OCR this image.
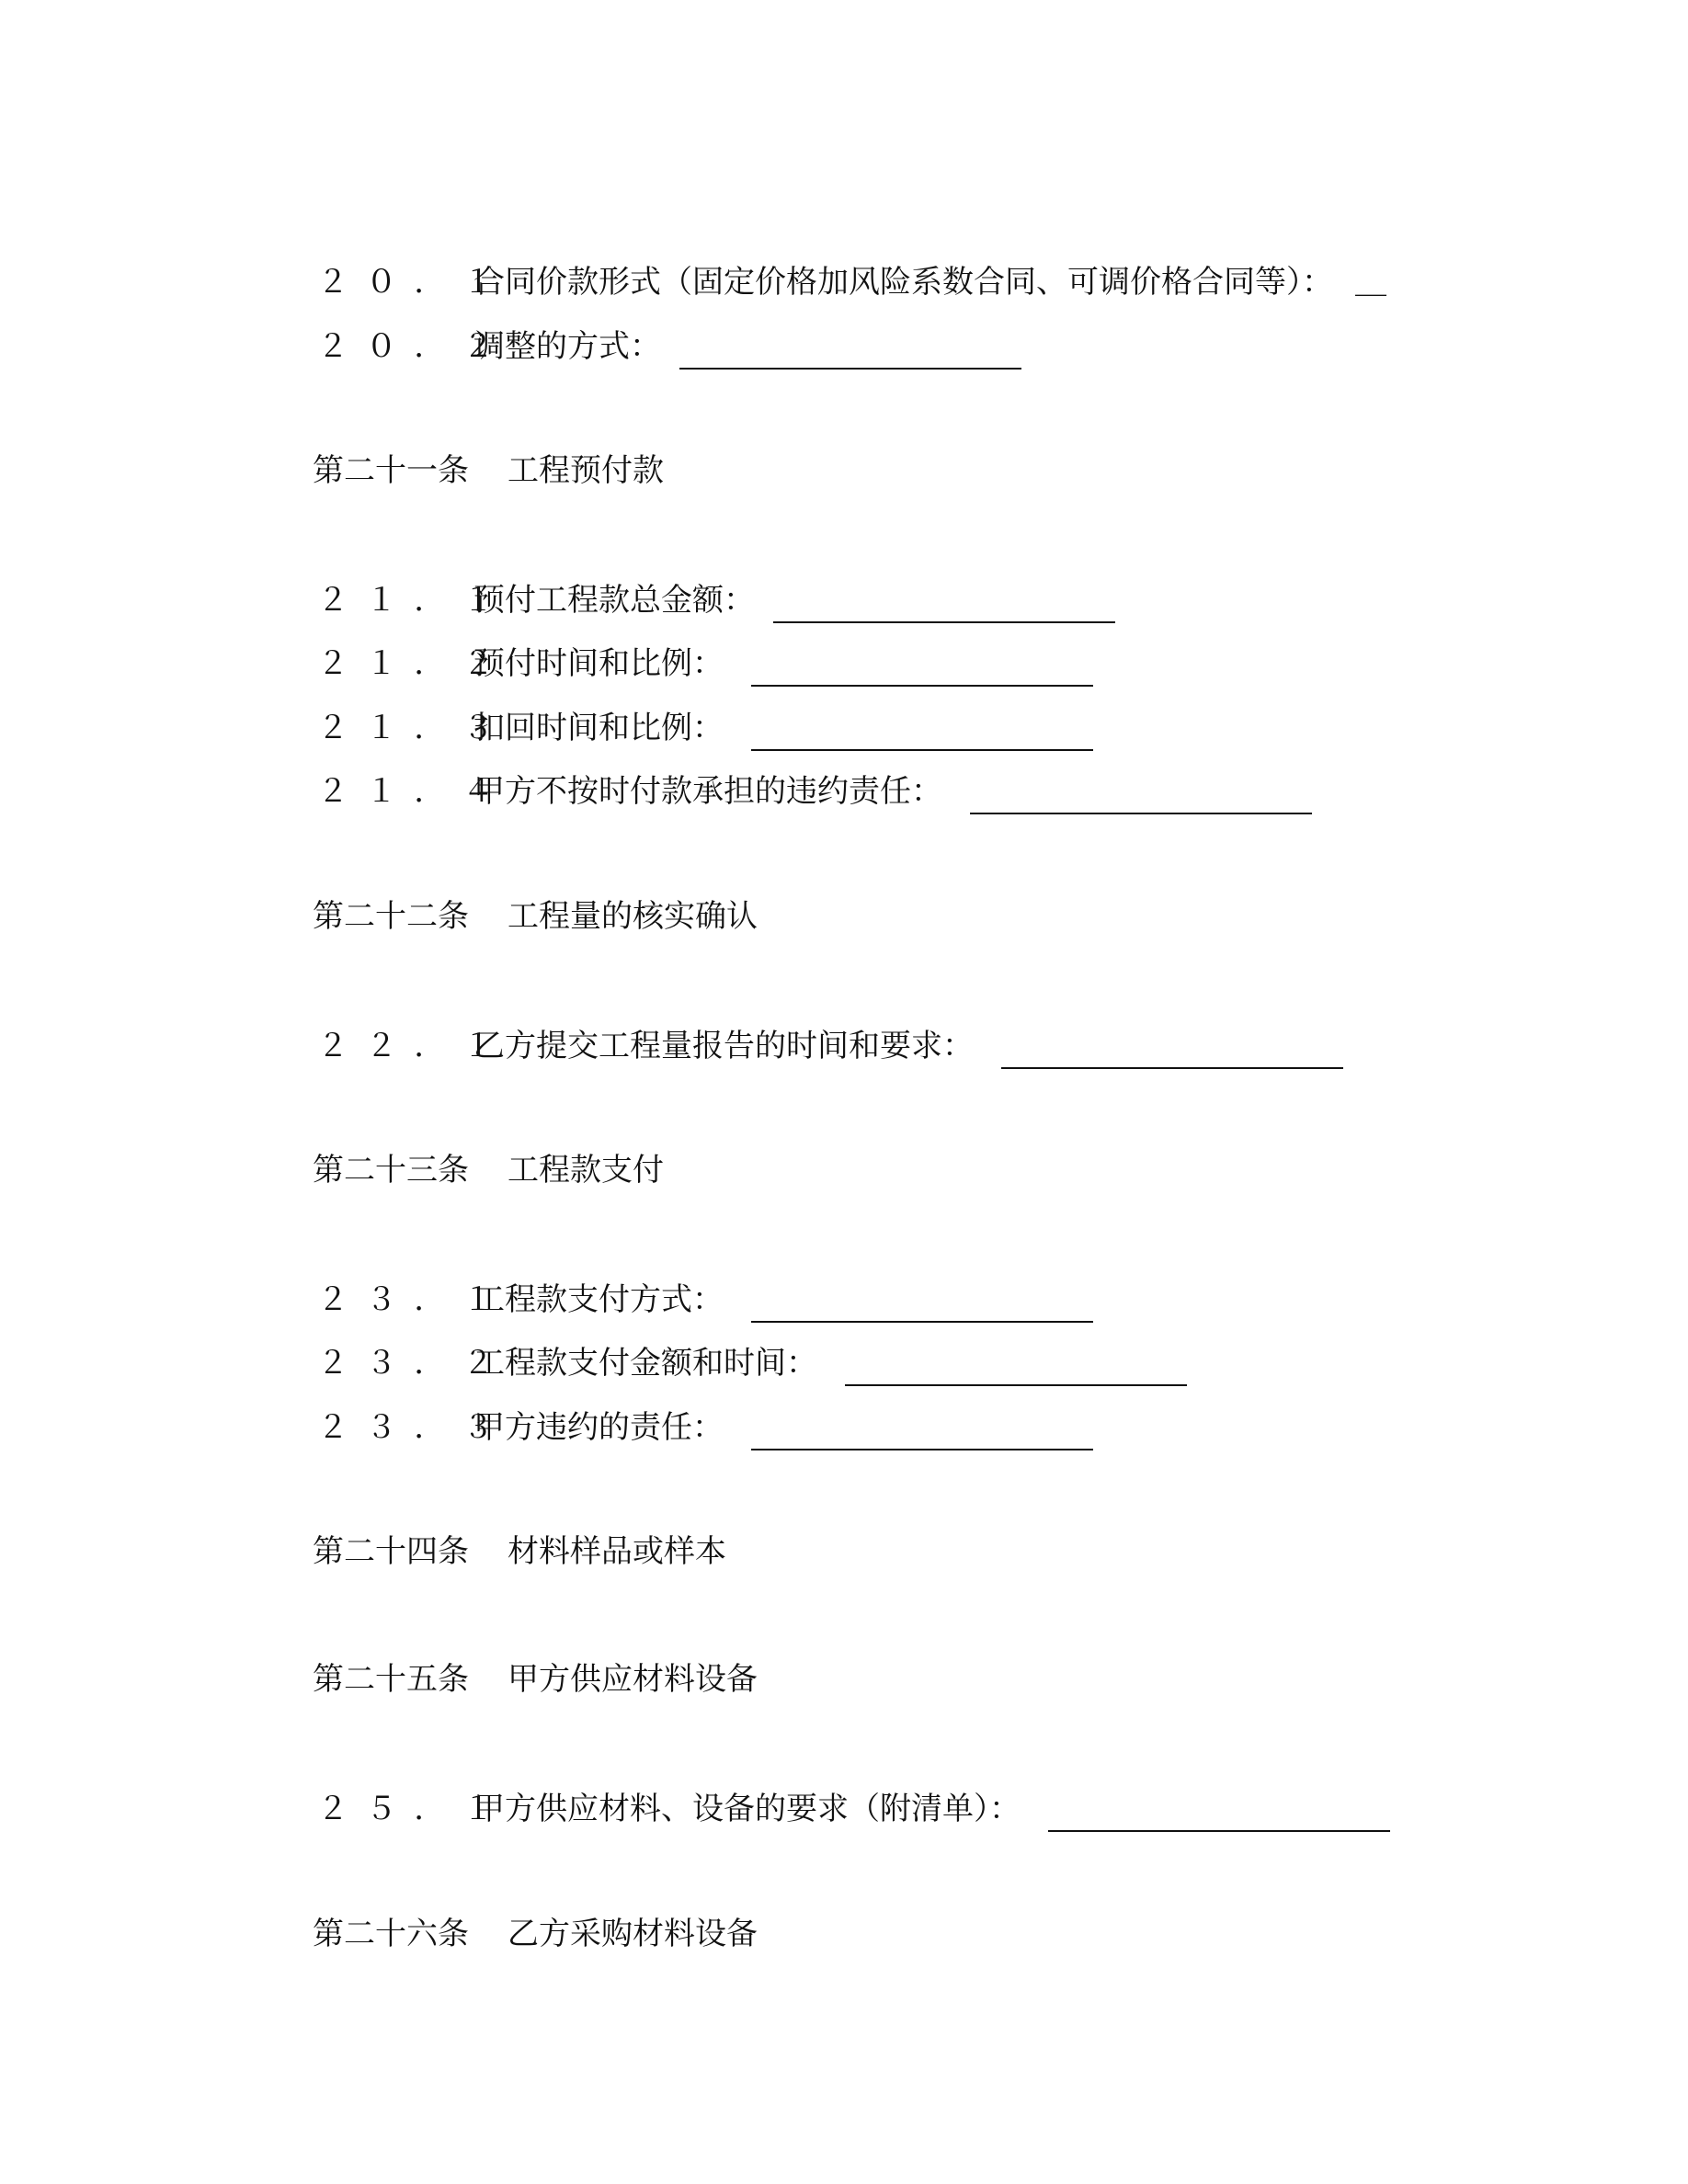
２０．１
合同价款形式（固定价格加风险系数合同、可调价格合同等）： ＿
２０．２
调整的方式：
第二十一条	工程预付款
２１．１
预付工程款总金额：
２１．２
预付时间和比例：
２１．３
扣回时间和比例：
２１．４
甲方不按时付款承担的违约责任：
第二十二条	工程量的核实确认
２２．１
乙方提交工程量报告的时间和要求：
第二十三条	工程款支付
２３．１
工程款支付方式：
２３．２
工程款支付金额和时间：
２３．３
甲方违约的责任：
第二十四条	材料样品或样本
第二十五条	甲方供应材料设备
２５．１
甲方供应材料、设备的要求（附清单）：
第二十六条	乙方采购材料设备
